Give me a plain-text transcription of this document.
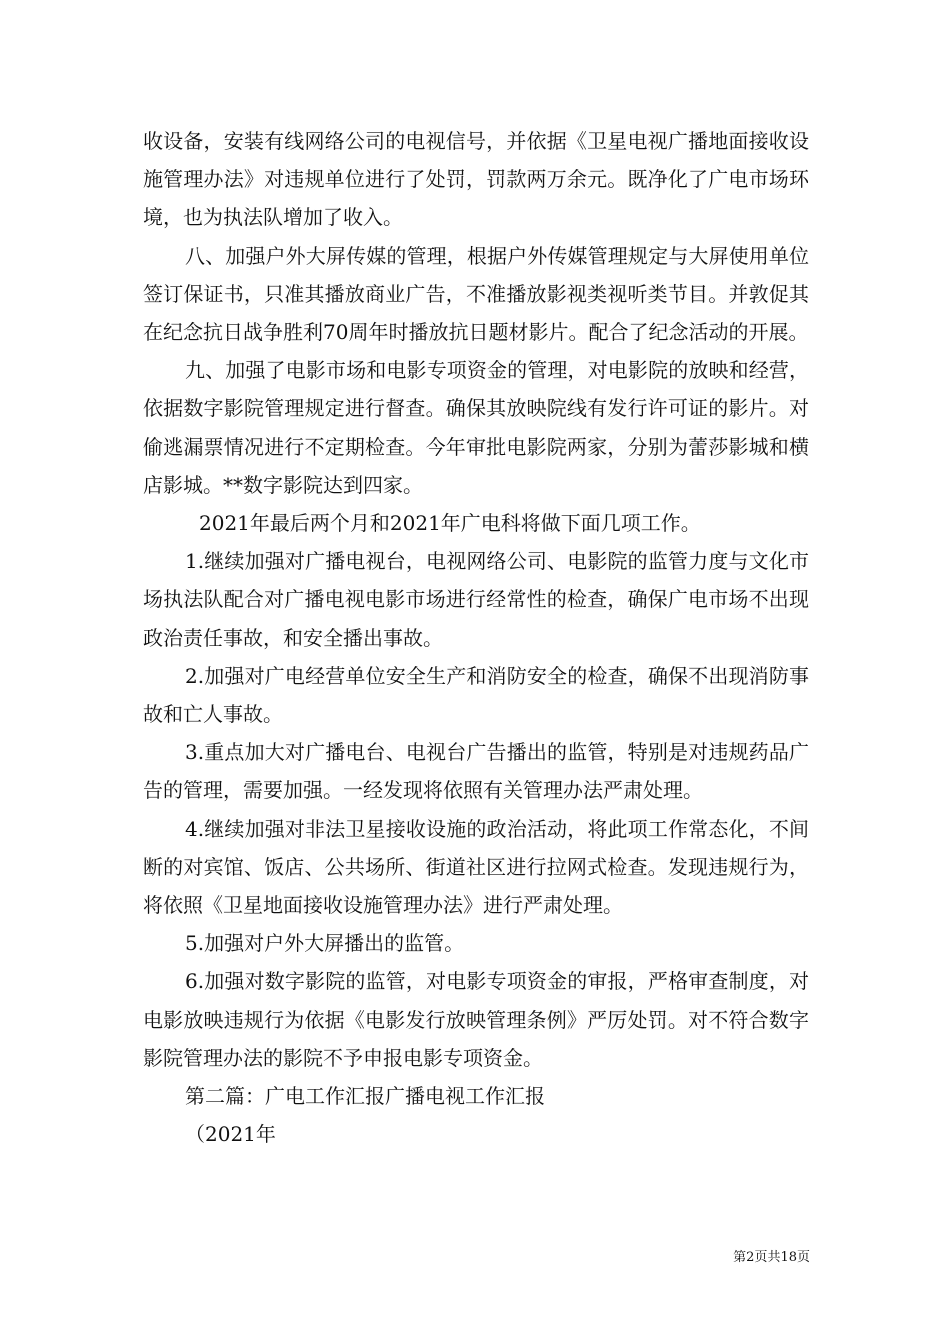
收设备，安装有线网络公司的电视信号，并依据《卫星电视广播地面接收设施管理办法》对违规单位进行了处罚，罚款两万余元。既净化了广电市场环境，也为执法队增加了收入。

八、加强户外大屏传媒的管理，根据户外传媒管理规定与大屏使用单位签订保证书，只准其播放商业广告，不准播放影视类视听类节目。并敦促其在纪念抗日战争胜利70周年时播放抗日题材影片。配合了纪念活动的开展。

九、加强了电影市场和电影专项资金的管理，对电影院的放映和经营，依据数字影院管理规定进行督查。确保其放映院线有发行许可证的影片。对偷逃漏票情况进行不定期检查。今年审批电影院两家，分别为蕾莎影城和横店影城。**数字影院达到四家。

2021年最后两个月和2021年广电科将做下面几项工作。

1.继续加强对广播电视台，电视网络公司、电影院的监管力度与文化市场执法队配合对广播电视电影市场进行经常性的检查，确保广电市场不出现政治责任事故，和安全播出事故。

2.加强对广电经营单位安全生产和消防安全的检查，确保不出现消防事故和亡人事故。

3.重点加大对广播电台、电视台广告播出的监管，特别是对违规药品广告的管理，需要加强。一经发现将依照有关管理办法严肃处理。

4.继续加强对非法卫星接收设施的政治活动，将此项工作常态化，不间断的对宾馆、饭店、公共场所、街道社区进行拉网式检查。发现违规行为，将依照《卫星地面接收设施管理办法》进行严肃处理。

5.加强对户外大屏播出的监管。

6.加强对数字影院的监管，对电影专项资金的审报，严格审查制度，对电影放映违规行为依据《电影发行放映管理条例》严厉处罚。对不符合数字影院管理办法的影院不予申报电影专项资金。

第二篇：广电工作汇报广播电视工作汇报

（2021年

第2页共18页
